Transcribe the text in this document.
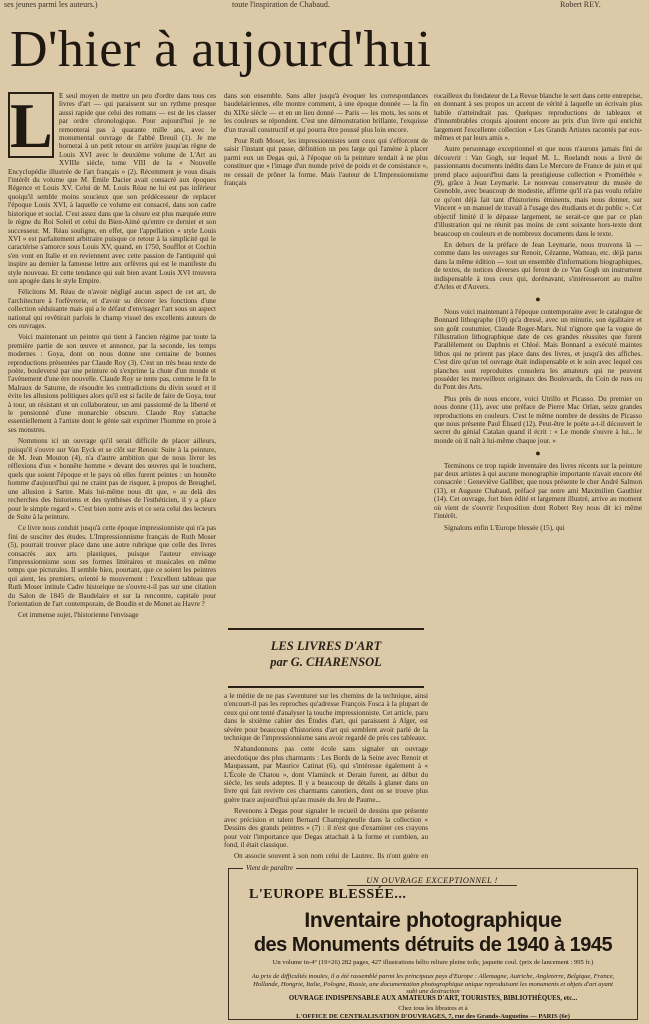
ses jeunes parmi les auteurs.)	toute l'inspiration de Chabaud.	Robert REY.
D'hier à aujourd'hui
L E seul moyen de mettre un peu d'ordre dans tous ces livres d'art — qui paraissent sur un rythme presque aussi rapide que celui des romans — est de les classer par ordre chronologique. Pour aujourd'hui je ne remonterai pas à quarante mille ans, avec le monumental ouvrage de l'abbé Breuil (1). Je me bornerai à un petit retour en arrière jusqu'au règne de Louis XVI avec le deuxième volume de L'Art au XVIIIe siècle, tome VIII de la « Nouvelle Encyclopédie illustrée de l'art français » (2). Récemment je vous disais l'intérêt du volume que M. Émile Dacier avait consacré aux époques Régence et Louis XV. Celui de M. Louis Réau ne lui est pas inférieur quoiqu'il semble moins soucieux que son prédécesseur de replacer l'époque Louis XVI, à laquelle ce volume est consacré, dans son cadre historique et social. C'est assez dans que la césure est plus marquée entre le règne du Roi Soleil et celui du Bien-Aimé qu'entre ce dernier et son successeur. M. Réau souligne, en effet, que l'appellation « style Louis XVI » est parfaitement arbitraire puisque ce retour à la simplicité qui le caractérise s'amorce sous Louis XV, quand, en 1750, Soufflot et Cochin s'en vont en Italie et en reviennent avec cette passion de l'antiquité qui inspire au dernier la fameuse lettre aux orfèvres qui est le manifeste du style nouveau. Et cette tendance qui suit bien avant Louis XVI trouvera son apogée dans le style Empire.

Félicitons M. Réau de n'avoir négligé aucun aspect de cet art, de l'architecture à l'orfèvrerie, et d'avoir su décorer les fonctions d'une collection séduisante mais qui a le défaut d'envisager l'art sous un aspect national qui revêtirait parfois le champ visuel des excellents auteurs de ces ouvrages.

Voici maintenant un peintre qui tient à l'ancien régime par toute la première partie de son œuvre et annonce, par la seconde, les temps modernes : Goya, dont on nous donne une centaine de bonnes reproductions présentées par Claude Roy (3). C'est un très beau texte de poète, bouleversé par une peinture où s'exprime la chute d'un monde et l'avènement d'une ère nouvelle. Claude Roy se tente pas, comme le fit le Malraux de Saturne, de résoudre les contradictions du divin sourd et il évite les allusions politiques alors qu'il est si facile de faire de Goya, tour à tour, un résistant et un collaborateur, un ami passionné de la liberté et le pensionné d'une monarchie obscure. Claude Roy s'attache essentiellement à l'artiste dont le génie sait exprimer l'homme en proie à ses monstres.

Nommons ici un ouvrage qu'il serait difficile de placer ailleurs, puisqu'il s'ouvre sur Van Eyck et se clôt sur Renoir. Suite à la peinture, de M. Jean Mouton (4), n'a d'autre ambition que de nous livrer les réflexions d'un « honnête homme » devant des œuvres qui le touchent, quels que soient l'époque et le pays où elles furent peintes : un honnête homme d'aujourd'hui qui ne craint pas de risquer, à propos de Breughel, une allusion à Sartre. Mais lui-même nous dit que, « au delà des recherches des historiens et des synthèses de l'esthéticien, il y a place pour le simple regard ». C'est bien notre avis et ce sera celui des lecteurs de Suite à la peinture.

Ce livre nous conduit jusqu'à cette époque impressionniste qui n'a pas fini de susciter des études. L'Impressionnisme français de Ruth Moser (5), pourrait trouver place dans une autre rubrique que celle des livres consacrés aux arts plastiques, puisque l'auteur envisage l'impressionnisme sous ses formes littéraires et musicales en même temps que picturales. Il semble bien, pourtant, que ce soient les peintres qui aient, les premiers, orienté le mouvement : l'excellent tableau que Ruth Moser intitule Cadre historique ne s'ouvre-t-il pas sur une citation du Salon de 1845 de Baudelaire et sur la rencontre, capitale pour l'orientation de l'art contemporain, de Boudin et de Monet au Havre ?

Cet immense sujet, l'historienne l'envisage

dans son ensemble. Sans aller jusqu'à évoquer les correspondances baudelairiennes, elle montre comment, à une époque donnée — la fin du XIXe siècle — et en un lieu donné — Paris — les mots, les sons et les couleurs se répondent. C'est une démonstration brillante, l'exquisse d'un travail constructif et qui pourra être poussé plus loin encore.

Pour Ruth Moser, les impressionnistes sont ceux qui s'efforcent de saisir l'instant qui passe, définition un peu large qui l'amène à placer parmi eux un Degas qui, à l'époque où la peinture tendait à ne plus constituer que « l'image d'un monde privé de poids et de consistance », ne cessait de prôner la forme. Mais l'auteur de L'Impressionnisme français

LES LIVRES D'ART
par G. CHARENSOL

a le mérite de ne pas s'aventurer sur les chemins de la technique, ainsi n'encourt-il pas les reproches qu'adresse François Fosca à la plupart de ceux qui ont tenté d'analyser la touche impressionniste. Cet article, paru dans le sixième cahier des Études d'art, qui paraissent à Alger, est sévère pour beaucoup d'historiens d'art qui semblent avoir parlé de la technique de l'impressionnisme sans avoir regardé de près ces tableaux.

N'abandonnons pas cette école sans signaler un ouvrage anecdotique des plus charmants : Les Bords de la Seine avec Renoir et Maupassant, par Maurice Catinat (6), qui s'intéresse également à « L'École de Chatou », dont Vlaminck et Derain furent, au début du siècle, les seuls adeptes. Il y a beaucoup de détails à glaner dans un livre qui fait revivre ces charmants canotiers, dont on se trouve plus guère trace aujourd'hui qu'au musée du Jeu de Paume...

Revenons à Degas pour signaler le recueil de dessins que présente avec précision et talent Bernard Champigneulle dans la collection « Dessins des grands peintres » (7) : il n'est que d'examiner ces crayons pour voir l'importance que Degas attachait à la forme et combien, au fond, il était classique.

On associe souvent à son nom celui de Lautrec. Ils n'ont guère en

rocailleux du fondateur de La Revue blanche le sert dans cette entreprise, en donnant à ses propos un accent de vérité à laquelle un écrivain plus habile n'atteindrait pas. Quelques reproductions de tableaux et d'innombrables croquis ajoutent encore au prix d'un livre qui enrichit largement l'excellente collection « Les Grands Artistes racontés par eux-mêmes et par leurs amis ».

Autre personnage exceptionnel et que nous n'aurons jamais fini de découvrir : Van Gogh, sur lequel M. L. Roelandt nous a livré de passionnants documents inédits dans Le Mercure de France de juin et qui prend place aujourd'hui dans la prestigieuse collection « Prométhée » (9), grâce à Jean Leymarie. Le nouveau conservateur du musée de Grenoble, avec beaucoup de modestie, affirme qu'il n'a pas voulu refaire ce qu'ont déjà fait tant d'historiens éminents, mais nous donner, sur Vincent « un manuel de travail à l'usage des étudiants et du public ». Cet objectif limité il le dépasse largement, ne serait-ce que par ce plan d'illustration qui ne réunit pas moins de cent soixante hors-texte dont beaucoup en couleurs et de nombreux documents dans le texte.

En dehors de la préface de Jean Leymarie, nous trouvons là — comme dans les ouvrages sur Renoir, Cézanne, Watteau, etc. déjà parus dans la même édition — tout un ensemble d'informations biographiques, de textes, de notices diverses qui feront de ce Van Gogh un instrument indispensable à tous ceux qui, dorénavant, s'intéresseront au maître d'Arles et d'Auvers.

●

Nous voici maintenant à l'époque contemporaine avec le catalogue de Bonnard lithographe (10) qu'a dressé, avec un minutie, son égalitaire et son goût coutumier, Claude Roger-Marx. Nul n'ignore que la vogue de l'illustration lithographique date de ces grandes réussites que furent Parallèlement ou Daphnis et Chloé. Mais Bonnard a exécuté maintes lithos qui ne prirent pas place dans des livres, et jusqu'à des affiches. C'est dire qu'un tel ouvrage était indispensable et le soin avec lequel ces planches sont reproduites consolera les amateurs qui ne peuvent posséder les merveilleux originaux des Boulevards, du Coin de rues ou du Pont des Arts.

Plus près de nous encore, voici Utrillo et Picasso. Du premier on nous donne (11), avec une préface de Pierre Mac Orlan, seize grandes reproductions en couleurs. C'est le même nombre de dessins de Picasso que nous présente Paul Éluard (12). Peut-être le poète a-t-il découvert le secret du génial Catalan quand il écrit : « Le monde s'ouvre à lui... le monde où il naît à lui-même chaque jour. »

●

Terminons ce trop rapide inventaire des livres récents sur la peinture par deux artistes à qui aucune monographie importante n'avait encore été consacrée : Geneviève Galliber, que nous présente le cher André Salmon (13), et Auguste Chabaud, préfacé par notre ami Maximilien Gauthier (14). Cet ouvrage, fort bien édité et largement illustré, arrive au moment où vient de s'ouvrir l'exposition dont Robert Rey nous dit ici même l'intérêt.

Signalons enfin L'Europe blessée (15), qui

Vient de paraître
UN OUVRAGE EXCEPTIONNEL !
L'EUROPE BLESSÉE...
Inventaire photographique
des Monuments détruits de 1940 à 1945
Un volume in-4° (19×26) 282 pages, 427 illustrations hélio reliure pleine toile, jaquette coul. (prix de lancement : 995 fr.)
Au prix de difficultés inouïes, il a été rassemblé parmi les principaux pays d'Europe : Allemagne, Autriche, Angleterre, Belgique, France, Hollande, Hongrie, Italie, Pologne, Russie, une documentation photographique unique reproduisant les monuments et objets d'art ayant subi une destruction
OUVRAGE INDISPENSABLE AUX AMATEURS D'ART, TOURISTES, BIBLIOTHÈQUES, etc...
Chez tous les libraires et à
L'OFFICE DE CENTRALISATION D'OUVRAGES, 7, rue des Grands-Augustins — PARIS (6e)
